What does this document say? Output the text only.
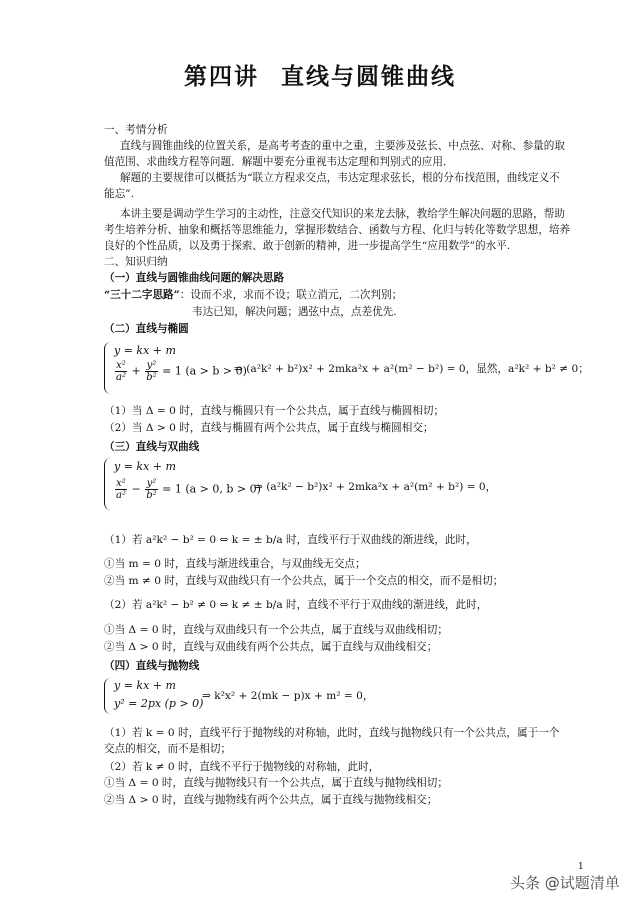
第四讲 直线与圆锥曲线
一、考情分析
直线与圆锥曲线的位置关系，是高考考查的重中之重，主要涉及弦长、中点弦、对称、参量的取
值范围、求曲线方程等问题．解题中要充分重视韦达定理和判别式的应用．
解题的主要规律可以概括为“联立方程求交点，韦达定理求弦长，根的分布找范围，曲线定义不
能忘”.
本讲主要是调动学生学习的主动性，注意交代知识的来龙去脉，教给学生解决问题的思路，帮助
考生培养分析、抽象和概括等思维能力，掌握形数结合、函数与方程、化归与转化等数学思想，培养
良好的个性品质，以及勇于探索、敢于创新的精神，进一步提高学生“应用数学”的水平.
二、知识归纳
（一）直线与圆锥曲线问题的解决思路
“三十二字思路”：设而不求，求而不设；联立消元，二次判别；
韦达已知，解决问题；遇弦中点，点差优先.
（二）直线与椭圆
y = kx + m
$\frac{\text{x²}}{\text{a²}} + \frac{\text{y²}}{\text{b²}} = 1$ (a > b > 0)
⇒ (a²k² + b²)x² + 2mka²x + a²(m² − b²) = 0，显然，a²k² + b² ≠ 0；
（1）当 Δ = 0 时，直线与椭圆只有一个公共点，属于直线与椭圆相切；
（2）当 Δ > 0 时，直线与椭圆有两个公共点，属于直线与椭圆相交；
（三）直线与双曲线
y = kx + m
$\frac{\text{x²}}{\text{a²}} - \frac{\text{y²}}{\text{b²}} = 1$ (a > 0, b > 0)
⇒ (a²k² − b²)x² + 2mka²x + a²(m² + b²) = 0，
（1）若 a²k² − b² = 0 ⇔ k = ± b/a 时，直线平行于双曲线的渐进线，此时，
①当 m = 0 时，直线与渐进线重合，与双曲线无交点；
②当 m ≠ 0 时，直线与双曲线只有一个公共点，属于一个交点的相交，而不是相切；
（2）若 a²k² − b² ≠ 0 ⇔ k ≠ ± b/a 时，直线不平行于双曲线的渐进线，此时，
①当 Δ = 0 时，直线与双曲线只有一个公共点，属于直线与双曲线相切；
②当 Δ > 0 时，直线与双曲线有两个公共点，属于直线与双曲线相交；
（四）直线与抛物线
y = kx + m
y² = 2px (p > 0)
⇒ k²x² + 2(mk − p)x + m² = 0，
（1）若 k = 0 时，直线平行于抛物线的对称轴，此时，直线与抛物线只有一个公共点，属于一个
交点的相交，而不是相切；
（2）若 k ≠ 0 时，直线不平行于抛物线的对称轴，此时，
①当 Δ = 0 时，直线与抛物线只有一个公共点，属于直线与抛物线相切；
②当 Δ > 0 时，直线与抛物线有两个公共点，属于直线与抛物线相交；
1
头条 @试题清单
